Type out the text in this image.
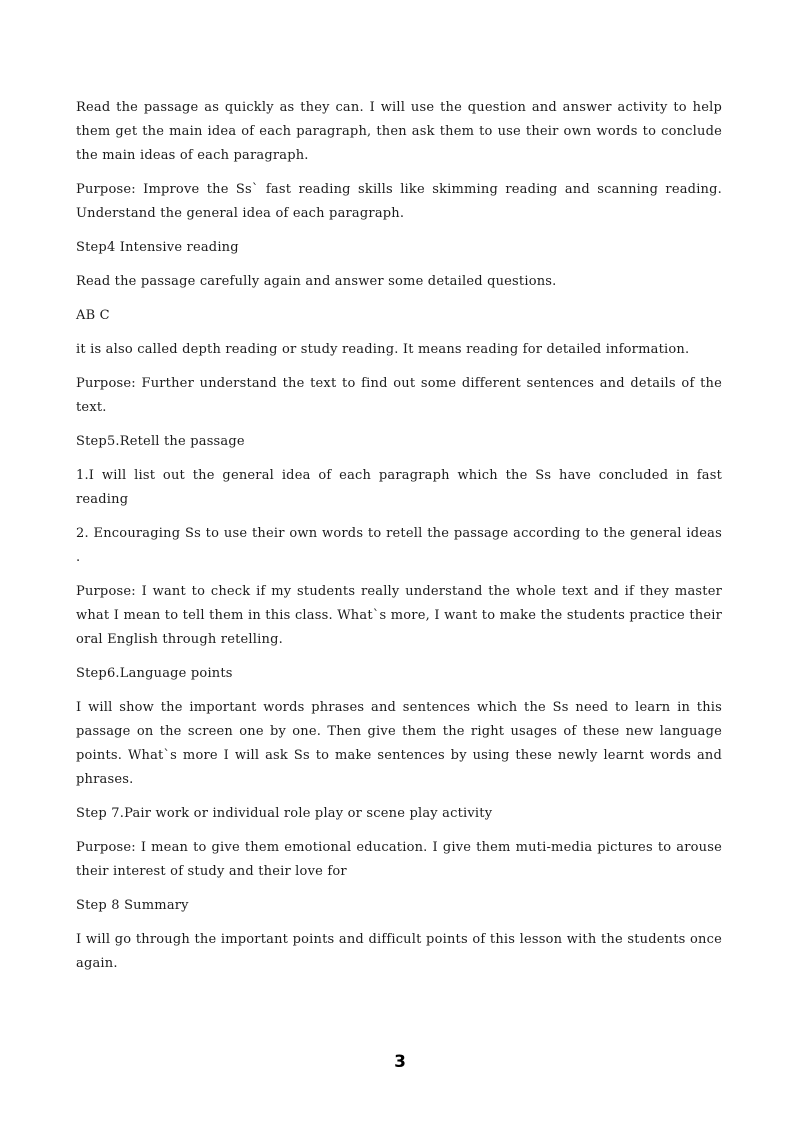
Read the passage as quickly as they can. I will use the question and answer activity to help them get the main idea of each paragraph, then ask them to use their own words to conclude the main ideas of each paragraph.

Purpose: Improve the Ss` fast reading skills like skimming reading and scanning reading. Understand the general idea of each paragraph.

Step4 Intensive reading

Read the passage carefully again and answer some detailed questions.

AB C

it is also called depth reading or study reading. It means reading for detailed information.

Purpose: Further understand the text to find out some different sentences and details of the text.

Step5.Retell the passage

1.I will list out the general idea of each paragraph which the Ss have concluded in fast reading

2. Encouraging Ss to use their own words to retell the passage according to the general ideas .

Purpose: I want to check if my students really understand the whole text and if they master what I mean to tell them in this class. What`s more, I want to make the students practice their oral English through retelling.

Step6.Language points

I will show the important words phrases and sentences which the Ss need to learn in this passage on the screen one by one. Then give them the right usages of these new language points. What`s more I will ask Ss to make sentences by using these newly learnt words and phrases.

Step 7.Pair work or individual role play or scene play activity

Purpose: I mean to give them emotional education. I give them muti-media pictures to arouse their interest of study and their love for

Step 8 Summary

I will go through the important points and difficult points of this lesson with the students once again.

3
